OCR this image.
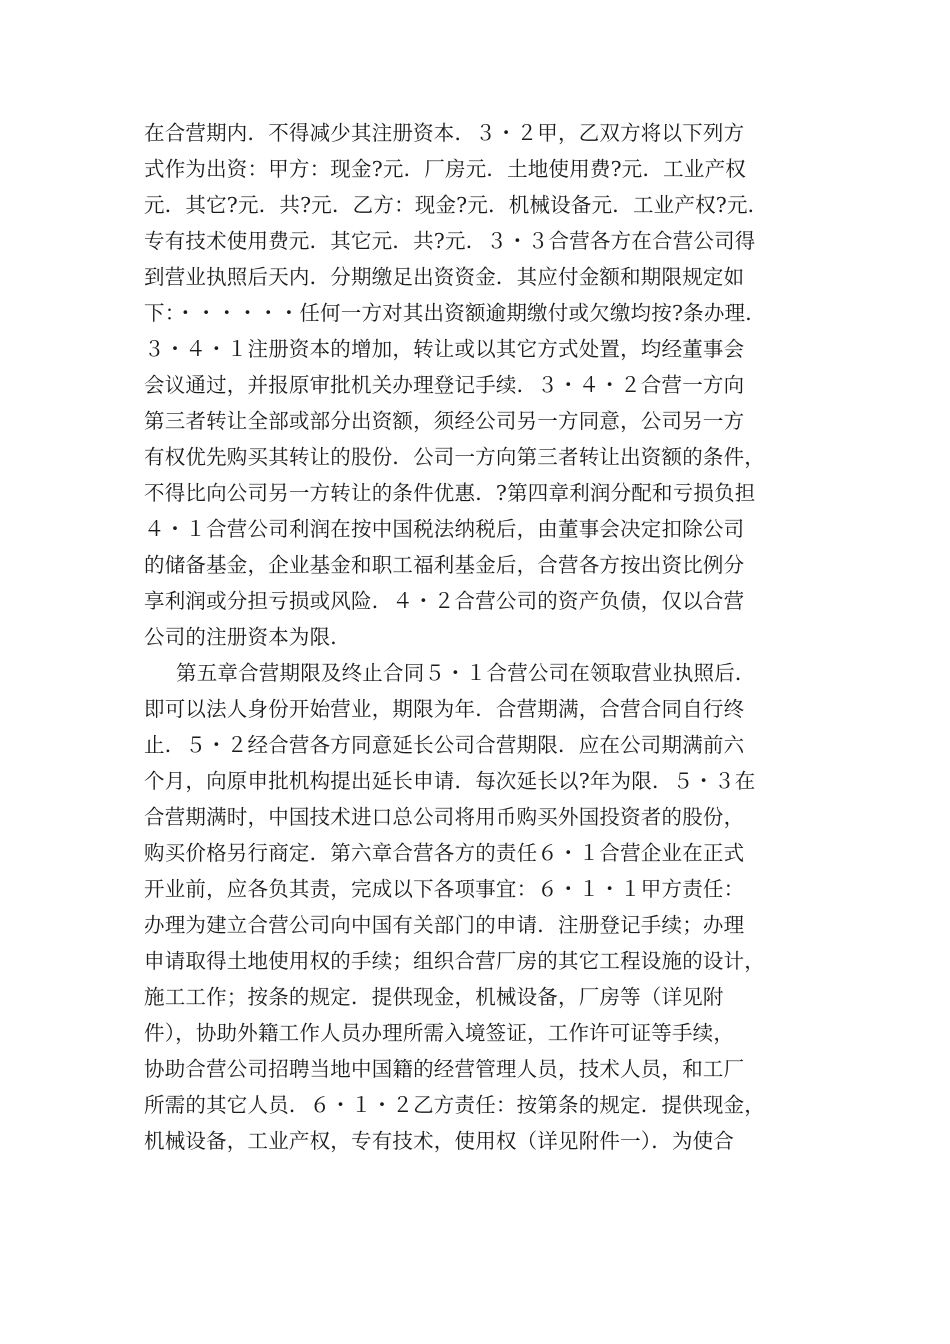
在合营期内．不得减少其注册资本．３・２甲，乙双方将以下列方
式作为出资：甲方：现金?元．厂房元．土地使用费?元．工业产权
元．其它?元．共?元．乙方：现金?元．机械设备元．工业产权?元．
专有技术使用费元．其它元．共?元．３・３合营各方在合营公司得
到营业执照后天内．分期缴足出资资金．其应付金额和期限规定如
下：・・・・・・任何一方对其出资额逾期缴付或欠缴均按?条办理．
３・４・１注册资本的增加，转让或以其它方式处置，均经董事会
会议通过，并报原审批机关办理登记手续．３・４・２合营一方向
第三者转让全部或部分出资额，须经公司另一方同意，公司另一方
有权优先购买其转让的股份．公司一方向第三者转让出资额的条件，
不得比向公司另一方转让的条件优惠．?第四章利润分配和亏损负担
４・１合营公司利润在按中国税法纳税后，由董事会决定扣除公司
的储备基金，企业基金和职工福利基金后，合营各方按出资比例分
享利润或分担亏损或风险．４・２合营公司的资产负债，仅以合营
公司的注册资本为限．
第五章合营期限及终止合同５・１合营公司在领取营业执照后．
即可以法人身份开始营业，期限为年．合营期满，合营合同自行终
止．５・２经合营各方同意延长公司合营期限．应在公司期满前六
个月，向原申批机构提出延长申请．每次延长以?年为限．５・３在
合营期满时，中国技术进口总公司将用币购买外国投资者的股份，
购买价格另行商定．第六章合营各方的责任６・１合营企业在正式
开业前，应各负其责，完成以下各项事宜：６・１・１甲方责任：
办理为建立合营公司向中国有关部门的申请．注册登记手续；办理
申请取得土地使用权的手续；组织合营厂房的其它工程设施的设计，
施工工作；按条的规定．提供现金，机械设备，厂房等（详见附
件），协助外籍工作人员办理所需入境签证，工作许可证等手续，
协助合营公司招聘当地中国籍的经营管理人员，技术人员，和工厂
所需的其它人员．６・１・２乙方责任：按第条的规定．提供现金，
机械设备，工业产权，专有技术，使用权（详见附件一）．为使合
